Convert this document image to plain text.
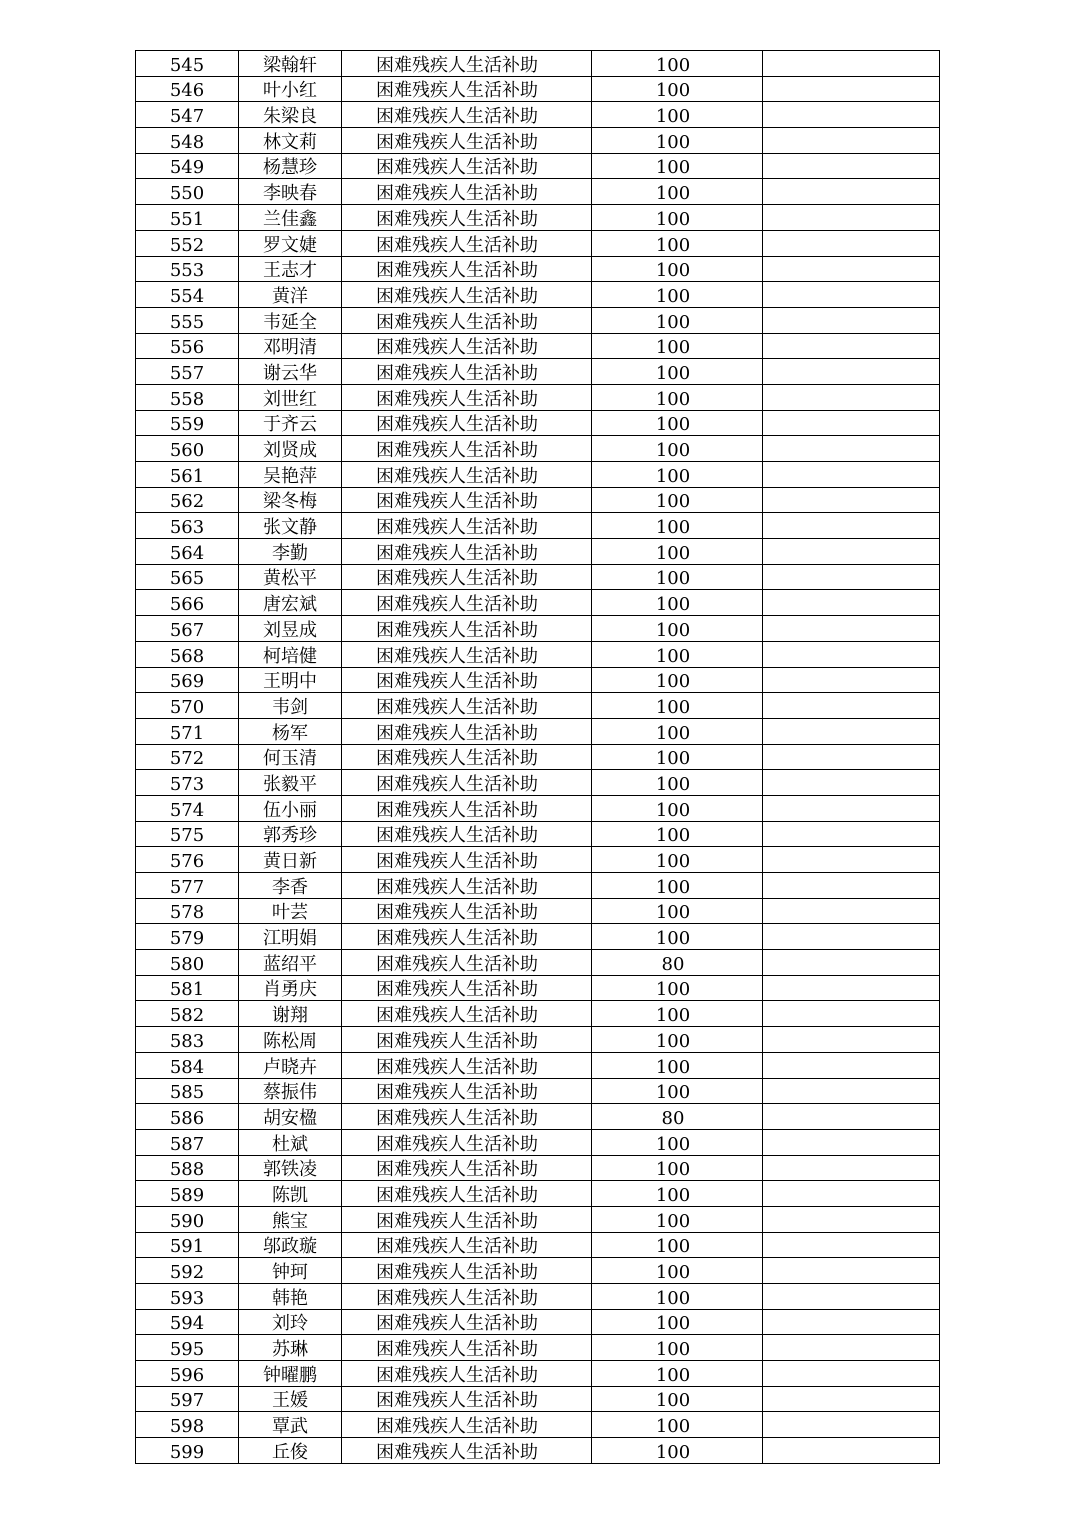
545	梁翰轩	困难残疾人生活补助	100	
546	叶小红	困难残疾人生活补助	100	
547	朱梁良	困难残疾人生活补助	100	
548	林文莉	困难残疾人生活补助	100	
549	杨慧珍	困难残疾人生活补助	100	
550	李映春	困难残疾人生活补助	100	
551	兰佳鑫	困难残疾人生活补助	100	
552	罗文婕	困难残疾人生活补助	100	
553	王志才	困难残疾人生活补助	100	
554	黄洋	困难残疾人生活补助	100	
555	韦延全	困难残疾人生活补助	100	
556	邓明清	困难残疾人生活补助	100	
557	谢云华	困难残疾人生活补助	100	
558	刘世红	困难残疾人生活补助	100	
559	于齐云	困难残疾人生活补助	100	
560	刘贤成	困难残疾人生活补助	100	
561	吴艳萍	困难残疾人生活补助	100	
562	梁冬梅	困难残疾人生活补助	100	
563	张文静	困难残疾人生活补助	100	
564	李勤	困难残疾人生活补助	100	
565	黄松平	困难残疾人生活补助	100	
566	唐宏斌	困难残疾人生活补助	100	
567	刘昱成	困难残疾人生活补助	100	
568	柯培健	困难残疾人生活补助	100	
569	王明中	困难残疾人生活补助	100	
570	韦剑	困难残疾人生活补助	100	
571	杨军	困难残疾人生活补助	100	
572	何玉清	困难残疾人生活补助	100	
573	张毅平	困难残疾人生活补助	100	
574	伍小丽	困难残疾人生活补助	100	
575	郭秀珍	困难残疾人生活补助	100	
576	黄日新	困难残疾人生活补助	100	
577	李香	困难残疾人生活补助	100	
578	叶芸	困难残疾人生活补助	100	
579	江明娟	困难残疾人生活补助	100	
580	蓝绍平	困难残疾人生活补助	80	
581	肖勇庆	困难残疾人生活补助	100	
582	谢翔	困难残疾人生活补助	100	
583	陈松周	困难残疾人生活补助	100	
584	卢晓卉	困难残疾人生活补助	100	
585	蔡振伟	困难残疾人生活补助	100	
586	胡安楹	困难残疾人生活补助	80	
587	杜斌	困难残疾人生活补助	100	
588	郭铁凌	困难残疾人生活补助	100	
589	陈凯	困难残疾人生活补助	100	
590	熊宝	困难残疾人生活补助	100	
591	邬政璇	困难残疾人生活补助	100	
592	钟珂	困难残疾人生活补助	100	
593	韩艳	困难残疾人生活补助	100	
594	刘玲	困难残疾人生活补助	100	
595	苏琳	困难残疾人生活补助	100	
596	钟曜鹏	困难残疾人生活补助	100	
597	王媛	困难残疾人生活补助	100	
598	覃武	困难残疾人生活补助	100	
599	丘俊	困难残疾人生活补助	100	
